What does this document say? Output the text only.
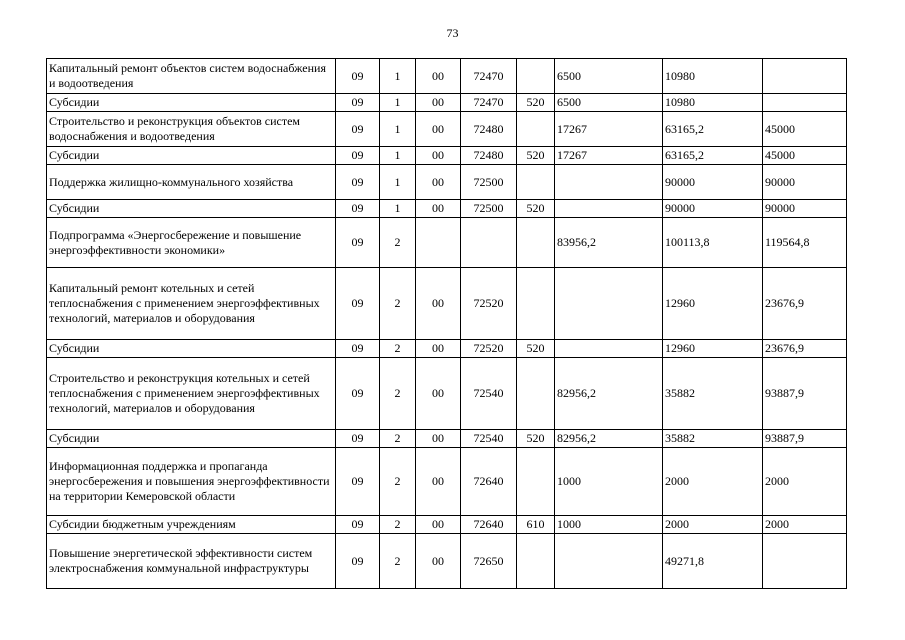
73
Капитальный ремонт объектов систем водоснабжения и водоотведения	09	1	00	72470		6500	10980	
Субсидии	09	1	00	72470	520	6500	10980	
Строительство и реконструкция объектов систем водоснабжения и водоотведения	09	1	00	72480		17267	63165,2	45000
Субсидии	09	1	00	72480	520	17267	63165,2	45000
Поддержка жилищно-коммунального хозяйства	09	1	00	72500			90000	90000
Субсидии	09	1	00	72500	520		90000	90000
Подпрограмма «Энергосбережение и повышение энергоэффективности экономики»	09	2				83956,2	100113,8	119564,8
Капитальный ремонт котельных и сетей теплоснабжения с применением энергоэффективных технологий, материалов и оборудования	09	2	00	72520			12960	23676,9
Субсидии	09	2	00	72520	520		12960	23676,9
Строительство и реконструкция котельных и сетей теплоснабжения с применением энергоэффективных технологий, материалов и оборудования	09	2	00	72540		82956,2	35882	93887,9
Субсидии	09	2	00	72540	520	82956,2	35882	93887,9
Информационная поддержка и пропаганда энергосбережения и повышения энергоэффективности на территории Кемеровской области	09	2	00	72640		1000	2000	2000
Субсидии бюджетным учреждениям	09	2	00	72640	610	1000	2000	2000
Повышение энергетической эффективности систем электроснабжения коммунальной инфраструктуры	09	2	00	72650			49271,8	
